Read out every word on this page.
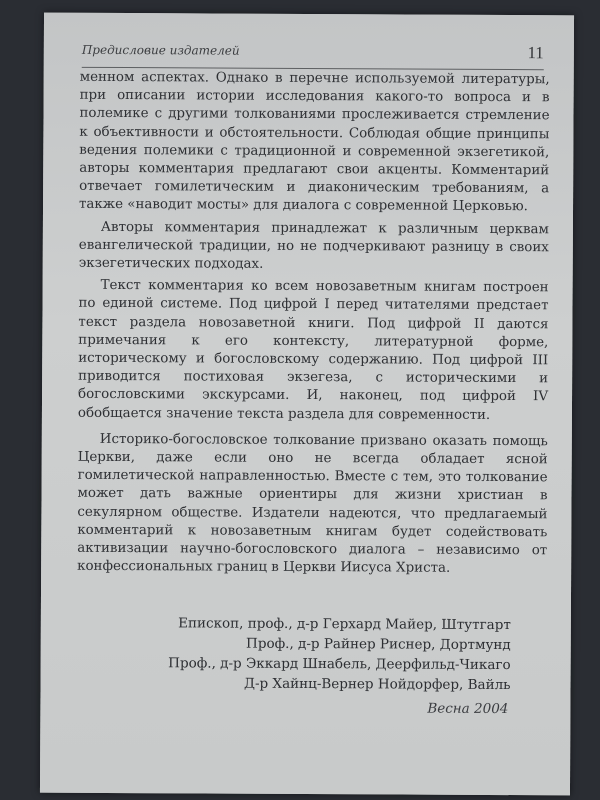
Предисловие издателей	11

менном аспектах. Однако в перечне используемой литературы, при описании истории исследования какого-то вопроса и в полемике с другими толкованиями прослеживается стремление к объективности и обстоятельности. Соблюдая общие принципы ведения полемики с традиционной и современной экзегетикой, авторы комментария предлагают свои акценты. Комментарий отвечает гомилетическим и диаконическим требованиям, а также «наводит мосты» для диалога с современной Церковью.

Авторы комментария принадлежат к различным церквам евангелической традиции, но не подчеркивают разницу в своих экзегетических подходах.

Текст комментария ко всем новозаветным книгам построен по единой системе. Под цифрой I перед читателями предстает текст раздела новозаветной книги. Под цифрой II даются примечания к его контексту, литературной форме, историческому и богословскому содержанию. Под цифрой III приводится постиховая экзегеза, с историческими и богословскими экскурсами. И, наконец, под цифрой IV обобщается значение текста раздела для современности.

Историко-богословское толкование призвано оказать помощь Церкви, даже если оно не всегда обладает ясной гомилетической направленностью. Вместе с тем, это толкование может дать важные ориентиры для жизни христиан в секулярном обществе. Издатели надеются, что предлагаемый комментарий к новозаветным книгам будет содействовать активизации научно-богословского диалога – независимо от конфессиональных границ в Церкви Иисуса Христа.

Епископ, проф., д-р Герхард Майер, Штутгарт
Проф., д-р Райнер Риснер, Дортмунд
Проф., д-р Эккард Шнабель, Деерфильд-Чикаго
Д-р Хайнц-Вернер Нойдорфер, Вайль
Весна 2004
